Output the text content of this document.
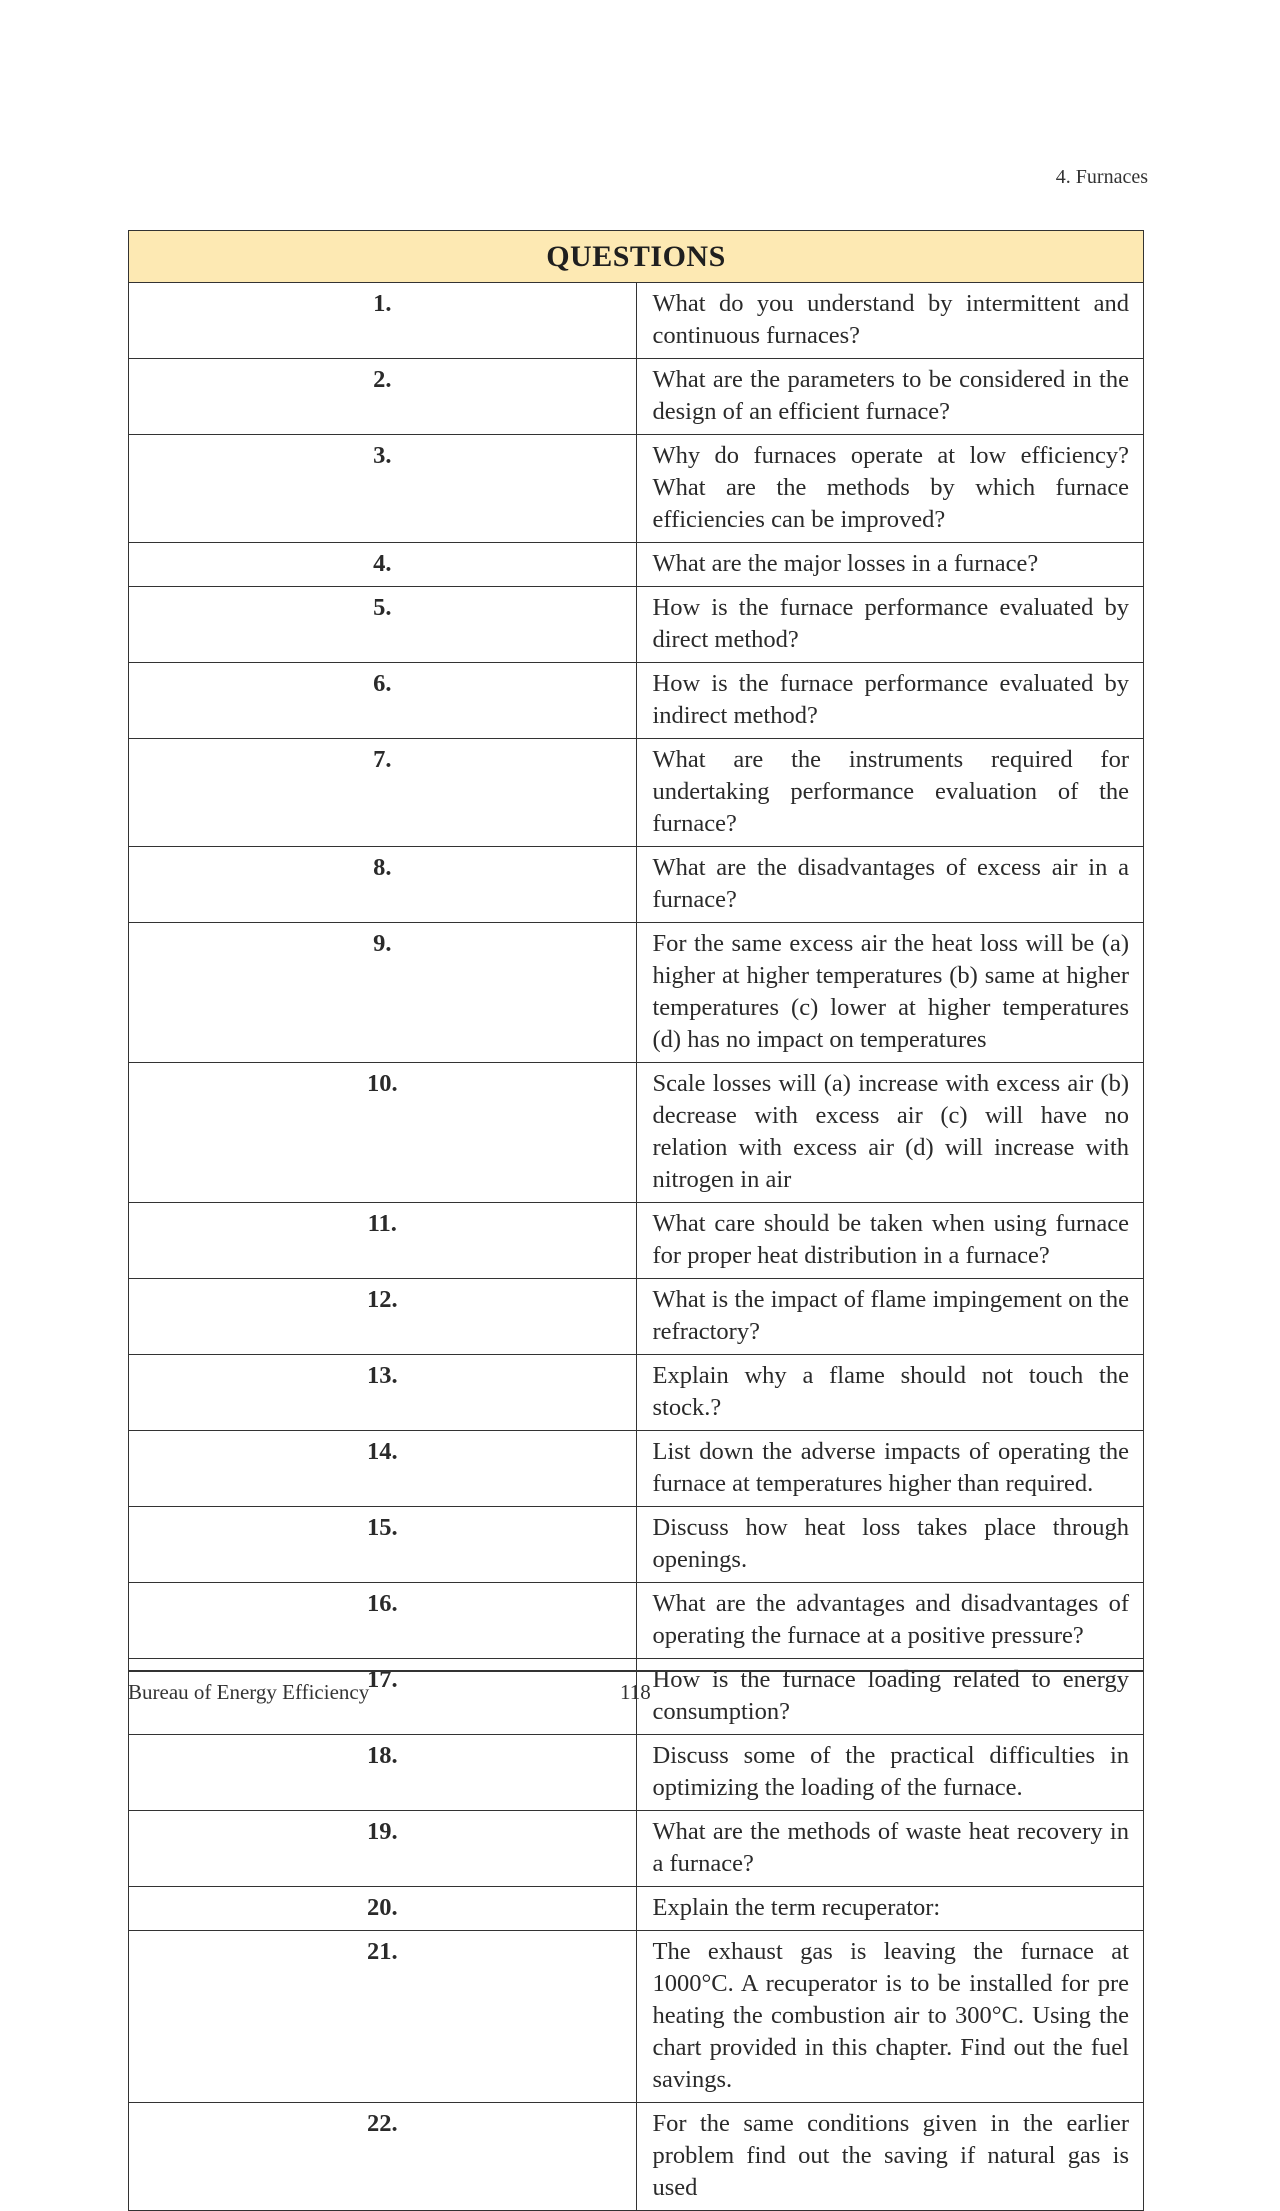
4. Furnaces
QUESTIONS	
1.	What do you understand by intermittent and continuous furnaces?
2.	What are the parameters to be considered in the design of an efficient furnace?
3.	Why do furnaces operate at low efficiency? What are the methods by which furnace efficiencies can be improved?
4.	What are the major losses in a furnace?
5.	How is the furnace performance evaluated by direct method?
6.	How is the furnace performance evaluated by indirect method?
7.	What are the instruments required for undertaking performance evaluation of the furnace?
8.	What are the disadvantages of excess air in a furnace?
9.	For the same excess air the heat loss will be (a) higher at higher temperatures (b) same at higher temperatures (c) lower at higher temperatures (d) has no impact on temperatures
10.	Scale losses will (a) increase with excess air (b) decrease with excess air (c) will have no relation with excess air (d) will increase with nitrogen in air
11.	What care should be taken when using furnace for proper heat distribution in a furnace?
12.	What is the impact of flame impingement on the refractory?
13.	Explain why a flame should not touch the stock.?
14.	List down the adverse impacts of operating the furnace at temperatures higher than required.
15.	Discuss how heat loss takes place through openings.
16.	What are the advantages and disadvantages of operating the furnace at a positive pressure?
17.	How is the furnace loading related to energy consumption?
18.	Discuss some of the practical difficulties in optimizing the loading of the furnace.
19.	What are the methods of waste heat recovery in a furnace?
20.	Explain the term recuperator:
21.	The exhaust gas is leaving the furnace at 1000°C. A recuperator is to be installed for pre heating the combustion air to 300°C. Using the chart provided in this chapter. Find out the fuel savings.
22.	For the same conditions given in the earlier problem find out the saving if natural gas is used
Bureau of Energy Efficiency	118
